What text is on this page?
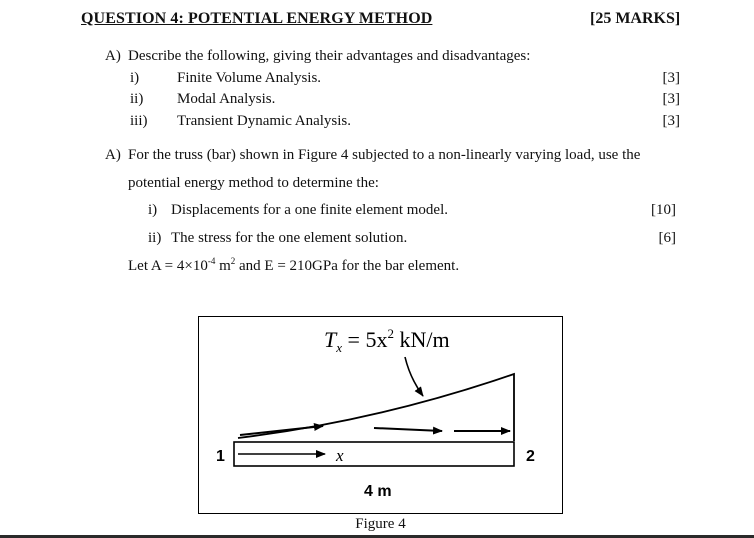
QUESTION 4: POTENTIAL ENERGY METHOD	[25 MARKS]
A) Describe the following, giving their advantages and disadvantages:
i)	Finite Volume Analysis.	[3]
ii) Modal Analysis.	[3]
iii) Transient Dynamic Analysis.	[3]
A) For the truss (bar) shown in Figure 4 subjected to a non-linearly varying load, use the
potential energy method to determine the:
i) Displacements for a one finite element model.	[10]
ii) The stress for the one element solution.	[6]
Let $A = 4\times 10^{-4}$ $m^2$ and E = 210GPa for the bar element.
$T_x = 5x^2$ kN/m
x
1	2
4 m
Figure 4
